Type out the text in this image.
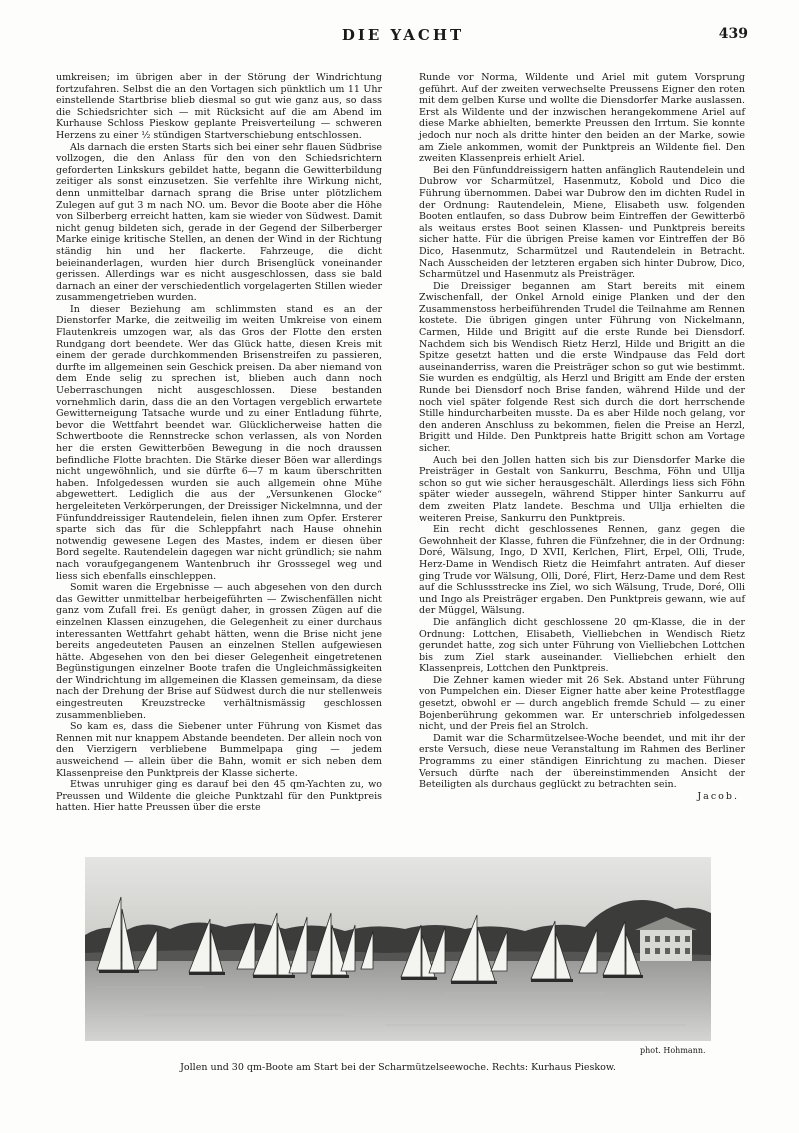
DIE YACHT	439

umkreisen; im übrigen aber in der Störung der Windrichtung fortzufahren. Selbst die an den Vortagen sich pünktlich um 11 Uhr einstellende Startbrise blieb diesmal so gut wie ganz aus, so dass die Schiedsrichter sich — mit Rücksicht auf die am Abend im Kurhause Schloss Pieskow geplante Preisverteilung — schweren Herzens zu einer ½ stündigen Startverschiebung entschlossen.

Als darnach die ersten Starts sich bei einer sehr flauen Südbrise vollzogen, die den Anlass für den von den Schiedsrichtern geforderten Linkskurs gebildet hatte, begann die Gewitterbildung zeitiger als sonst einzusetzen. Sie verfehlte ihre Wirkung nicht, denn unmittelbar darnach sprang die Brise unter plötzlichem Zulegen auf gut 3 m nach NO. um. Bevor die Boote aber die Höhe von Silberberg erreicht hatten, kam sie wieder von Südwest. Damit nicht genug bildeten sich, gerade in der Gegend der Silberberger Marke einige kritische Stellen, an denen der Wind in der Richtung ständig hin und her flackerte. Fahrzeuge, die dicht beieinanderlagen, wurden hier durch Brisenglück voneinander gerissen. Allerdings war es nicht ausgeschlossen, dass sie bald darnach an einer der verschiedentlich vorgelagerten Stillen wieder zusammengetrieben wurden.

In dieser Beziehung am schlimmsten stand es an der Dienstorfer Marke, die zeitweilig im weiten Umkreise von einem Flautenkreis umzogen war, als das Gros der Flotte den ersten Rundgang dort beendete. Wer das Glück hatte, diesen Kreis mit einem der gerade durchkommenden Brisenstreifen zu passieren, durfte im allgemeinen sein Geschick preisen. Da aber niemand von dem Ende selig zu sprechen ist, blieben auch dann noch Ueberraschungen nicht ausgeschlossen. Diese bestanden vornehmlich darin, dass die an den Vortagen vergeblich erwartete Gewitterneigung Tatsache wurde und zu einer Entladung führte, bevor die Wettfahrt beendet war. Glücklicherweise hatten die Schwertboote die Rennstrecke schon verlassen, als von Norden her die ersten Gewitterböen Bewegung in die noch draussen befindliche Flotte brachten. Die Stärke dieser Böen war allerdings nicht ungewöhnlich, und sie dürfte 6—7 m kaum überschritten haben. Infolgedessen wurden sie auch allgemein ohne Mühe abgewettert. Lediglich die aus der „Versunkenen Glocke“ hergeleiteten Verkörperungen, der Dreissiger Nickelmnna, und der Fünfunddreissiger Rautendelein, fielen ihnen zum Opfer. Ersterer sparte sich das für die Schleppfahrt nach Hause ohnehin notwendig gewesene Legen des Mastes, indem er diesen über Bord segelte. Rautendelein dagegen war nicht gründlich; sie nahm nach voraufgegangenem Wantenbruch ihr Grosssegel weg und liess sich ebenfalls einschleppen.

Somit waren die Ergebnisse — auch abgesehen von den durch das Gewitter unmittelbar herbeigeführten — Zwischenfällen nicht ganz vom Zufall frei. Es genügt daher, in grossen Zügen auf die einzelnen Klassen einzugehen, die Gelegenheit zu einer durchaus interessanten Wettfahrt gehabt hätten, wenn die Brise nicht jene bereits angedeuteten Pausen an einzelnen Stellen aufgewiesen hätte. Abgesehen von den bei dieser Gelegenheit eingetretenen Begünstigungen einzelner Boote trafen die Ungleichmässigkeiten der Windrichtung im allgemeinen die Klassen gemeinsam, da diese nach der Drehung der Brise auf Südwest durch die nur stellenweis eingestreuten Kreuzstrecke verhältnismässig geschlossen zusammenblieben.

So kam es, dass die Siebener unter Führung von Kismet das Rennen mit nur knappem Abstande beendeten. Der allein noch von den Vierzigern verbliebene Bummelpapa ging — jedem ausweichend — allein über die Bahn, womit er sich neben dem Klassenpreise den Punktpreis der Klasse sicherte.

Etwas unruhiger ging es darauf bei den 45 qm-Yachten zu, wo Preussen und Wildente die gleiche Punktzahl für den Punktpreis hatten. Hier hatte Preussen über die erste

Runde vor Norma, Wildente und Ariel mit gutem Vorsprung geführt. Auf der zweiten verwechselte Preussens Eigner den roten mit dem gelben Kurse und wollte die Diensdorfer Marke auslassen. Erst als Wildente und der inzwischen herangekommene Ariel auf diese Marke abhielten, bemerkte Preussen den Irrtum. Sie konnte jedoch nur noch als dritte hinter den beiden an der Marke, sowie am Ziele ankommen, womit der Punktpreis an Wildente fiel. Den zweiten Klassenpreis erhielt Ariel.

Bei den Fünfunddreissigern hatten anfänglich Rautendelein und Dubrow vor Scharmützel, Hasenmutz, Kobold und Dico die Führung übernommen. Dabei war Dubrow den im dichten Rudel in der Ordnung: Rautendelein, Miene, Elisabeth usw. folgenden Booten entlaufen, so dass Dubrow beim Eintreffen der Gewitterbö als weitaus erstes Boot seinen Klassen- und Punktpreis bereits sicher hatte. Für die übrigen Preise kamen vor Eintreffen der Bö Dico, Hasenmutz, Scharmützel und Rautendelein in Betracht. Nach Ausscheiden der letzteren ergaben sich hinter Dubrow, Dico, Scharmützel und Hasenmutz als Preisträger.

Die Dreissiger begannen am Start bereits mit einem Zwischenfall, der Onkel Arnold einige Planken und der den Zusammenstoss herbeiführenden Trudel die Teilnahme am Rennen kostete. Die übrigen gingen unter Führung von Nickelmann, Carmen, Hilde und Brigitt auf die erste Runde bei Diensdorf. Nachdem sich bis Wendisch Rietz Herzl, Hilde und Brigitt an die Spitze gesetzt hatten und die erste Windpause das Feld dort auseinanderriss, waren die Preisträger schon so gut wie bestimmt. Sie wurden es endgültig, als Herzl und Brigitt am Ende der ersten Runde bei Diensdorf noch Brise fanden, während Hilde und der noch viel später folgende Rest sich durch die dort herrschende Stille hindurcharbeiten musste. Da es aber Hilde noch gelang, vor den anderen Anschluss zu bekommen, fielen die Preise an Herzl, Brigitt und Hilde. Den Punktpreis hatte Brigitt schon am Vortage sicher.

Auch bei den Jollen hatten sich bis zur Diensdorfer Marke die Preisträger in Gestalt von Sankurru, Beschma, Föhn und Ullja schon so gut wie sicher herausgeschält. Allerdings liess sich Föhn später wieder aussegeln, während Stipper hinter Sankurru auf dem zweiten Platz landete. Beschma und Ullja erhielten die weiteren Preise, Sankurru den Punktpreis.

Ein recht dicht geschlossenes Rennen, ganz gegen die Gewohnheit der Klasse, fuhren die Fünfzehner, die in der Ordnung: Doré, Wälsung, Ingo, D XVII, Kerlchen, Flirt, Erpel, Olli, Trude, Herz-Dame in Wendisch Rietz die Heimfahrt antraten. Auf dieser ging Trude vor Wälsung, Olli, Doré, Flirt, Herz-Dame und dem Rest auf die Schlussstrecke ins Ziel, wo sich Wälsung, Trude, Doré, Olli und Ingo als Preisträger ergaben. Den Punktpreis gewann, wie auf der Müggel, Wälsung.

Die anfänglich dicht geschlossene 20 qm-Klasse, die in der Ordnung: Lottchen, Elisabeth, Vielliebchen in Wendisch Rietz gerundet hatte, zog sich unter Führung von Vielliebchen Lottchen bis zum Ziel stark auseinander. Vielliebchen erhielt den Klassenpreis, Lottchen den Punktpreis.

Die Zehner kamen wieder mit 26 Sek. Abstand unter Führung von Pumpelchen ein. Dieser Eigner hatte aber keine Protestflagge gesetzt, obwohl er — durch angeblich fremde Schuld — zu einer Bojenberührung gekommen war. Er unterschrieb infolgedessen nicht, und der Preis fiel an Strolch.

Damit war die Scharmützelsee-Woche beendet, und mit ihr der erste Versuch, diese neue Veranstaltung im Rahmen des Berliner Programms zu einer ständigen Einrichtung zu machen. Dieser Versuch dürfte nach der übereinstimmenden Ansicht der Beteiligten als durchaus geglückt zu betrachten sein.

Jacob.
phot. Hohmann.
Jollen und 30 qm-Boote am Start bei der Scharmützelseewoche. Rechts: Kurhaus Pieskow.
